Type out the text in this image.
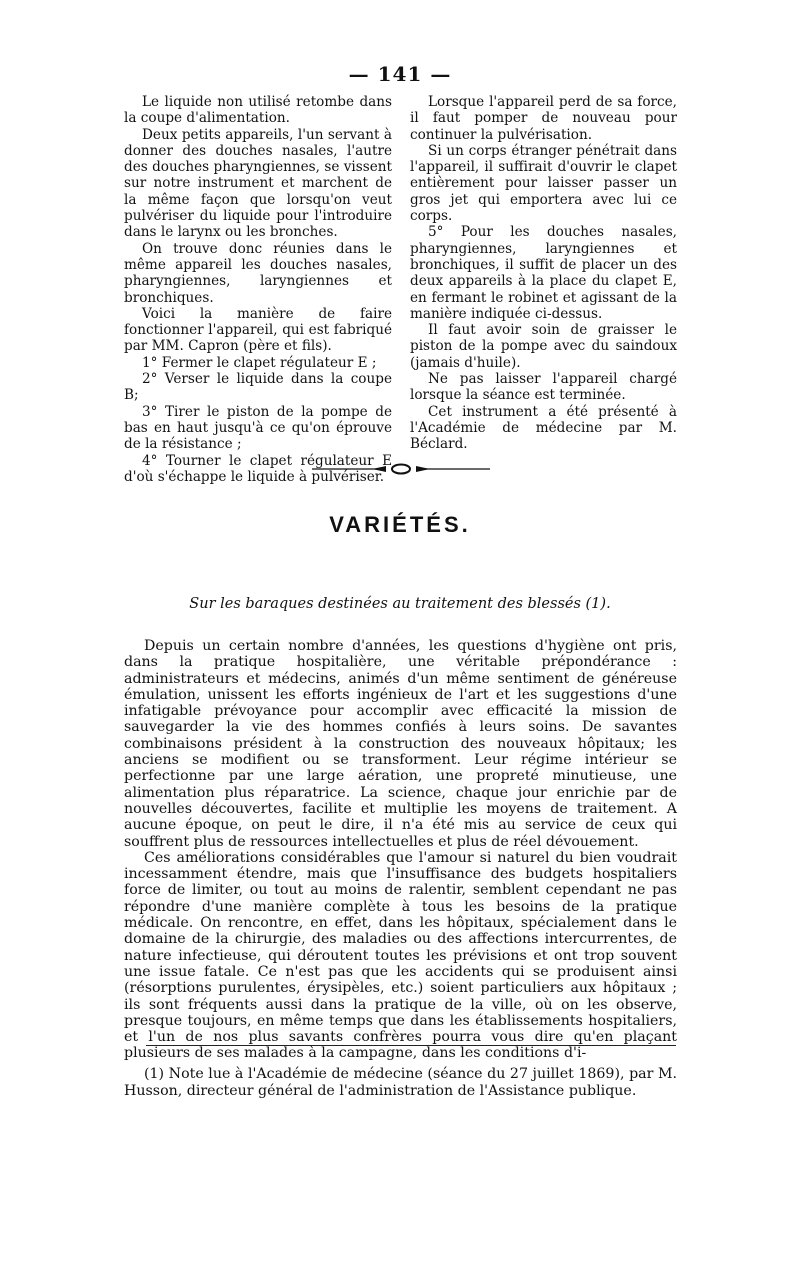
— 141 —

Le liquide non utilisé retombe dans la coupe d'alimentation.

Deux petits appareils, l'un servant à donner des douches nasales, l'autre des douches pharyngiennes, se vissent sur notre instrument et marchent de la même façon que lorsqu'on veut pulvériser du liquide pour l'introduire dans le larynx ou les bronches.

On trouve donc réunies dans le même appareil les douches nasales, pharyngiennes, laryngiennes et bronchiques.

Voici la manière de faire fonctionner l'appareil, qui est fabriqué par MM. Capron (père et fils).

1° Fermer le clapet régulateur E ;

2° Verser le liquide dans la coupe B;

3° Tirer le piston de la pompe de bas en haut jusqu'à ce qu'on éprouve de la résistance ;

4° Tourner le clapet régulateur E d'où s'échappe le liquide à pulvériser.

Lorsque l'appareil perd de sa force, il faut pomper de nouveau pour continuer la pulvérisation.

Si un corps étranger pénétrait dans l'appareil, il suffirait d'ouvrir le clapet entièrement pour laisser passer un gros jet qui emportera avec lui ce corps.

5° Pour les douches nasales, pharyngiennes, laryngiennes et bronchiques, il suffit de placer un des deux appareils à la place du clapet E, en fermant le robinet et agissant de la manière indiquée ci-dessus.

Il faut avoir soin de graisser le piston de la pompe avec du saindoux (jamais d'huile).

Ne pas laisser l'appareil chargé lorsque la séance est terminée.

Cet instrument a été présenté à l'Académie de médecine par M. Béclard.

VARIÉTÉS.
Sur les baraques destinées au traitement des blessés (1).

Depuis un certain nombre d'années, les questions d'hygiène ont pris, dans la pratique hospitalière, une véritable prépondérance : administrateurs et médecins, animés d'un même sentiment de généreuse émulation, unissent les efforts ingénieux de l'art et les suggestions d'une infatigable prévoyance pour accomplir avec efficacité la mission de sauvegarder la vie des hommes confiés à leurs soins. De savantes combinaisons président à la construction des nouveaux hôpitaux; les anciens se modifient ou se transforment. Leur régime intérieur se perfectionne par une large aération, une propreté minutieuse, une alimentation plus réparatrice. La science, chaque jour enrichie par de nouvelles découvertes, facilite et multiplie les moyens de traitement. A aucune époque, on peut le dire, il n'a été mis au service de ceux qui souffrent plus de ressources intellectuelles et plus de réel dévouement.

Ces améliorations considérables que l'amour si naturel du bien voudrait incessamment étendre, mais que l'insuffisance des budgets hospitaliers force de limiter, ou tout au moins de ralentir, semblent cependant ne pas répondre d'une manière complète à tous les besoins de la pratique médicale. On rencontre, en effet, dans les hôpitaux, spécialement dans le domaine de la chirurgie, des maladies ou des affections intercurrentes, de nature infectieuse, qui déroutent toutes les prévisions et ont trop souvent une issue fatale. Ce n'est pas que les accidents qui se produisent ainsi (résorptions purulentes, érysipèles, etc.) soient particuliers aux hôpitaux ; ils sont fréquents aussi dans la pratique de la ville, où on les observe, presque toujours, en même temps que dans les établissements hospitaliers, et l'un de nos plus savants confrères pourra vous dire qu'en plaçant plusieurs de ses malades à la campagne, dans les conditions d'i-

(1) Note lue à l'Académie de médecine (séance du 27 juillet 1869), par M. Husson, directeur général de l'administration de l'Assistance publique.
